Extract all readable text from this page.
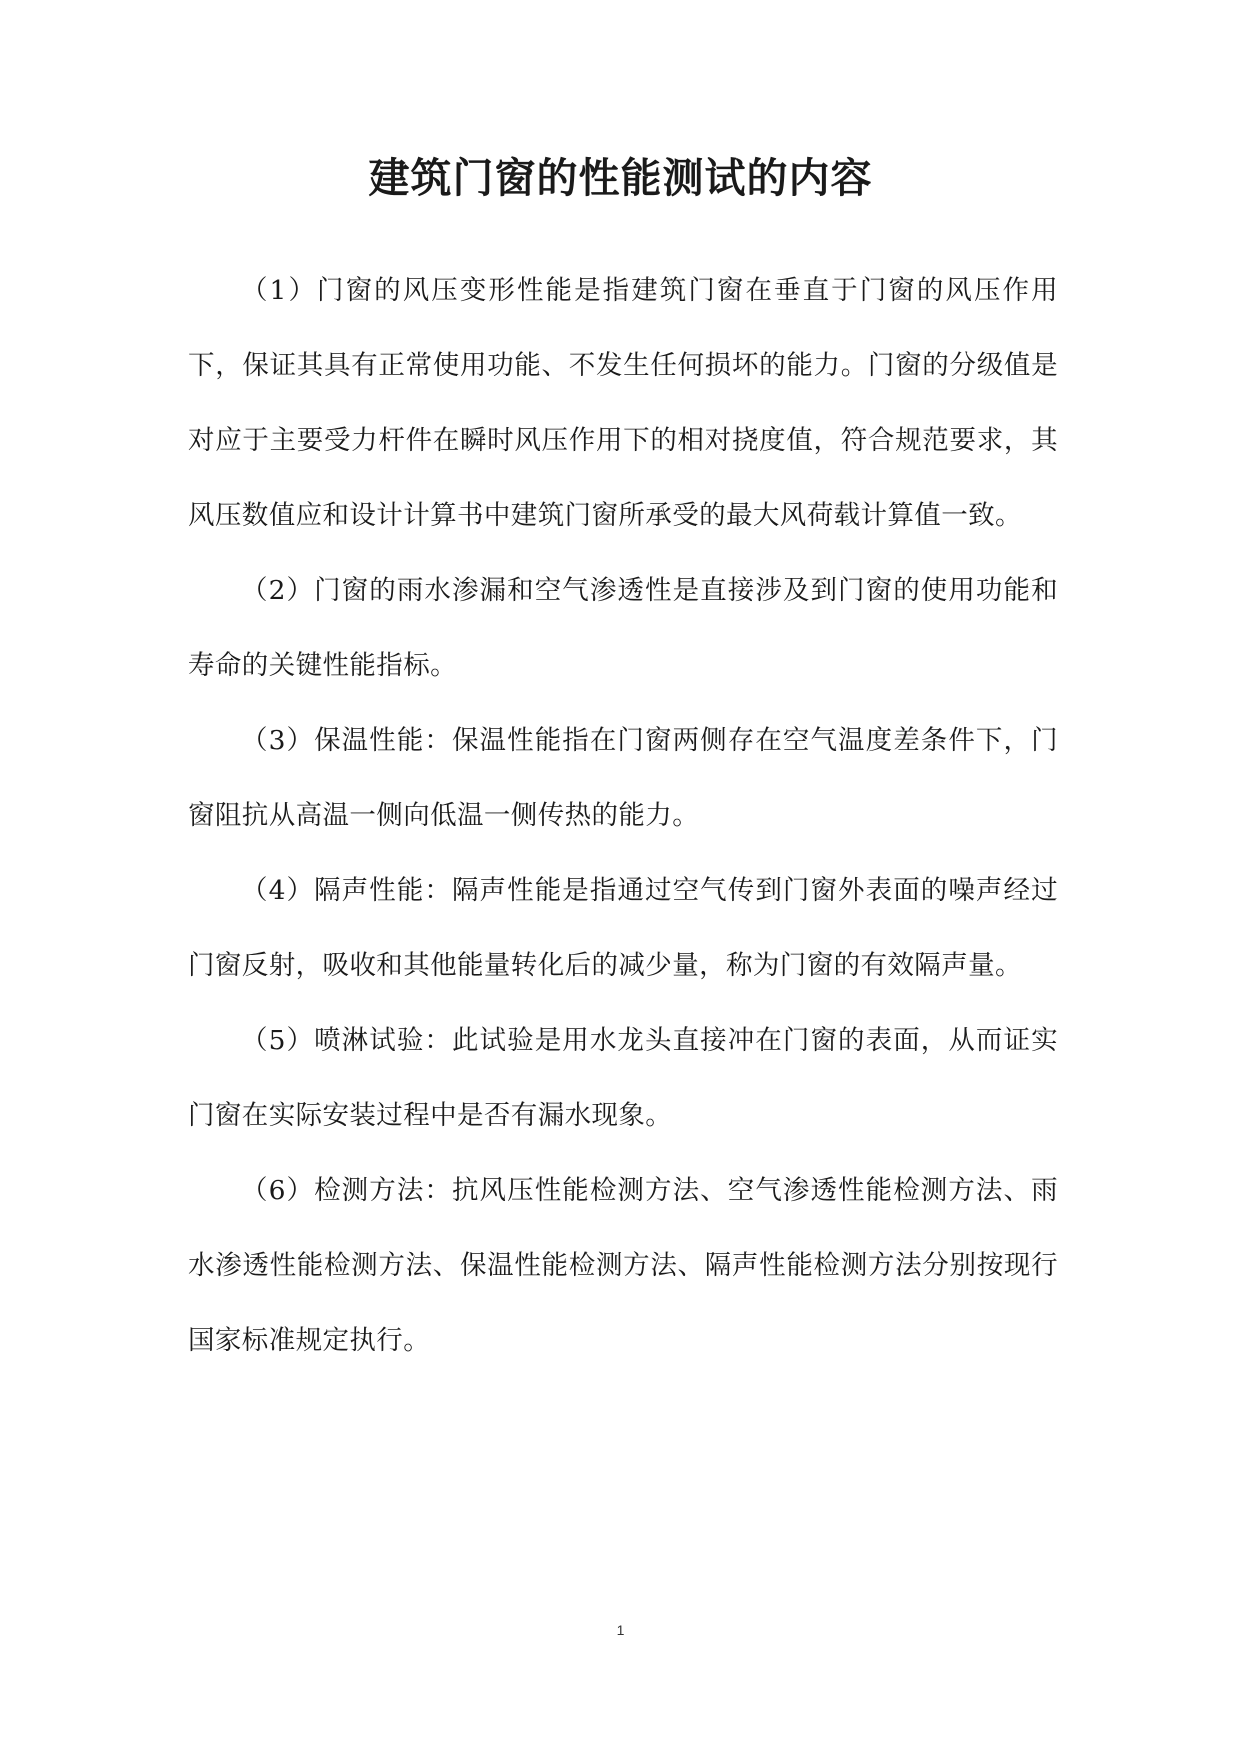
建筑门窗的性能测试的内容

（1）门窗的风压变形性能是指建筑门窗在垂直于门窗的风压作用下，保证其具有正常使用功能、不发生任何损坏的能力。门窗的分级值是对应于主要受力杆件在瞬时风压作用下的相对挠度值，符合规范要求，其风压数值应和设计计算书中建筑门窗所承受的最大风荷载计算值一致。

（2）门窗的雨水渗漏和空气渗透性是直接涉及到门窗的使用功能和寿命的关键性能指标。

（3）保温性能：保温性能指在门窗两侧存在空气温度差条件下，门窗阻抗从高温一侧向低温一侧传热的能力。

（4）隔声性能：隔声性能是指通过空气传到门窗外表面的噪声经过门窗反射，吸收和其他能量转化后的减少量，称为门窗的有效隔声量。

（5）喷淋试验：此试验是用水龙头直接冲在门窗的表面，从而证实门窗在实际安装过程中是否有漏水现象。

（6）检测方法：抗风压性能检测方法、空气渗透性能检测方法、雨水渗透性能检测方法、保温性能检测方法、隔声性能检测方法分别按现行国家标准规定执行。

1
